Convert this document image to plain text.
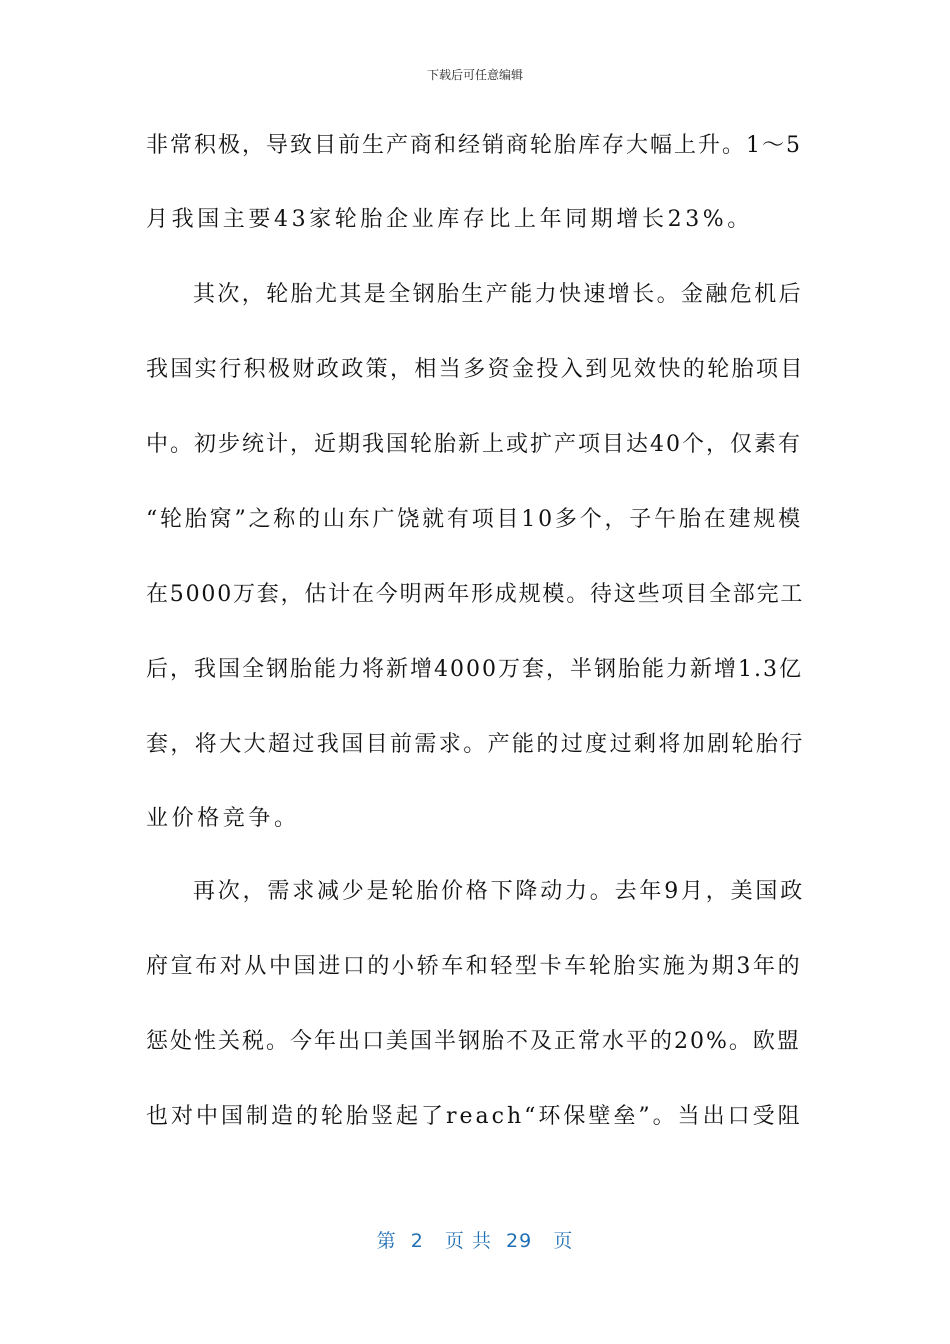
下载后可任意编辑
非常积极，导致目前生产商和经销商轮胎库存大幅上升。1～5
月我国主要43家轮胎企业库存比上年同期增长23%。
其次，轮胎尤其是全钢胎生产能力快速增长。金融危机后
我国实行积极财政政策，相当多资金投入到见效快的轮胎项目
中。初步统计，近期我国轮胎新上或扩产项目达40个，仅素有
“轮胎窝”之称的山东广饶就有项目10多个，子午胎在建规模
在5000万套，估计在今明两年形成规模。待这些项目全部完工
后，我国全钢胎能力将新增4000万套，半钢胎能力新增1.3亿
套，将大大超过我国目前需求。产能的过度过剩将加剧轮胎行
业价格竞争。
再次，需求减少是轮胎价格下降动力。去年9月，美国政
府宣布对从中国进口的小轿车和轻型卡车轮胎实施为期3年的
惩处性关税。今年出口美国半钢胎不及正常水平的20%。欧盟
也对中国制造的轮胎竖起了reach“环保壁垒”。当出口受阻
第  2   页 共  29   页
